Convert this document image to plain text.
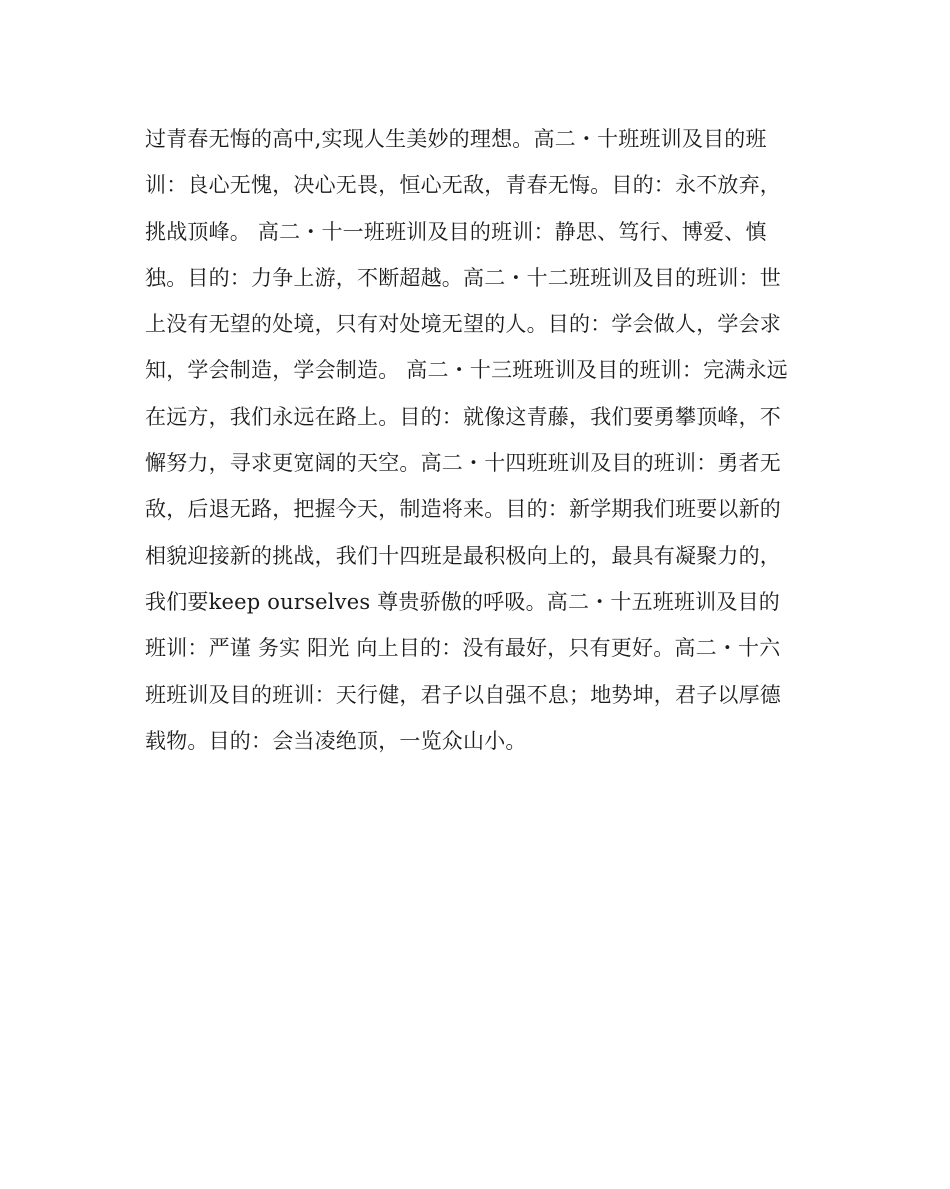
过青春无悔的高中,实现人生美妙的理想。高二・十班班训及目的班
训：良心无愧，决心无畏，恒心无敌，青春无悔。目的：永不放弃，
挑战顶峰。 高二・十一班班训及目的班训：静思、笃行、博爱、慎
独。目的：力争上游，不断超越。高二・十二班班训及目的班训：世
上没有无望的处境，只有对处境无望的人。目的：学会做人，学会求
知，学会制造，学会制造。 高二・十三班班训及目的班训：完满永远
在远方，我们永远在路上。目的：就像这青藤，我们要勇攀顶峰，不
懈努力，寻求更宽阔的天空。高二・十四班班训及目的班训：勇者无
敌，后退无路，把握今天，制造将来。目的：新学期我们班要以新的
相貌迎接新的挑战，我们十四班是最积极向上的，最具有凝聚力的，
我们要keep ourselves 尊贵骄傲的呼吸。高二・十五班班训及目的
班训：严谨 务实 阳光 向上目的：没有最好，只有更好。高二・十六
班班训及目的班训：天行健，君子以自强不息；地势坤，君子以厚德
载物。目的：会当凌绝顶，一览众山小。
